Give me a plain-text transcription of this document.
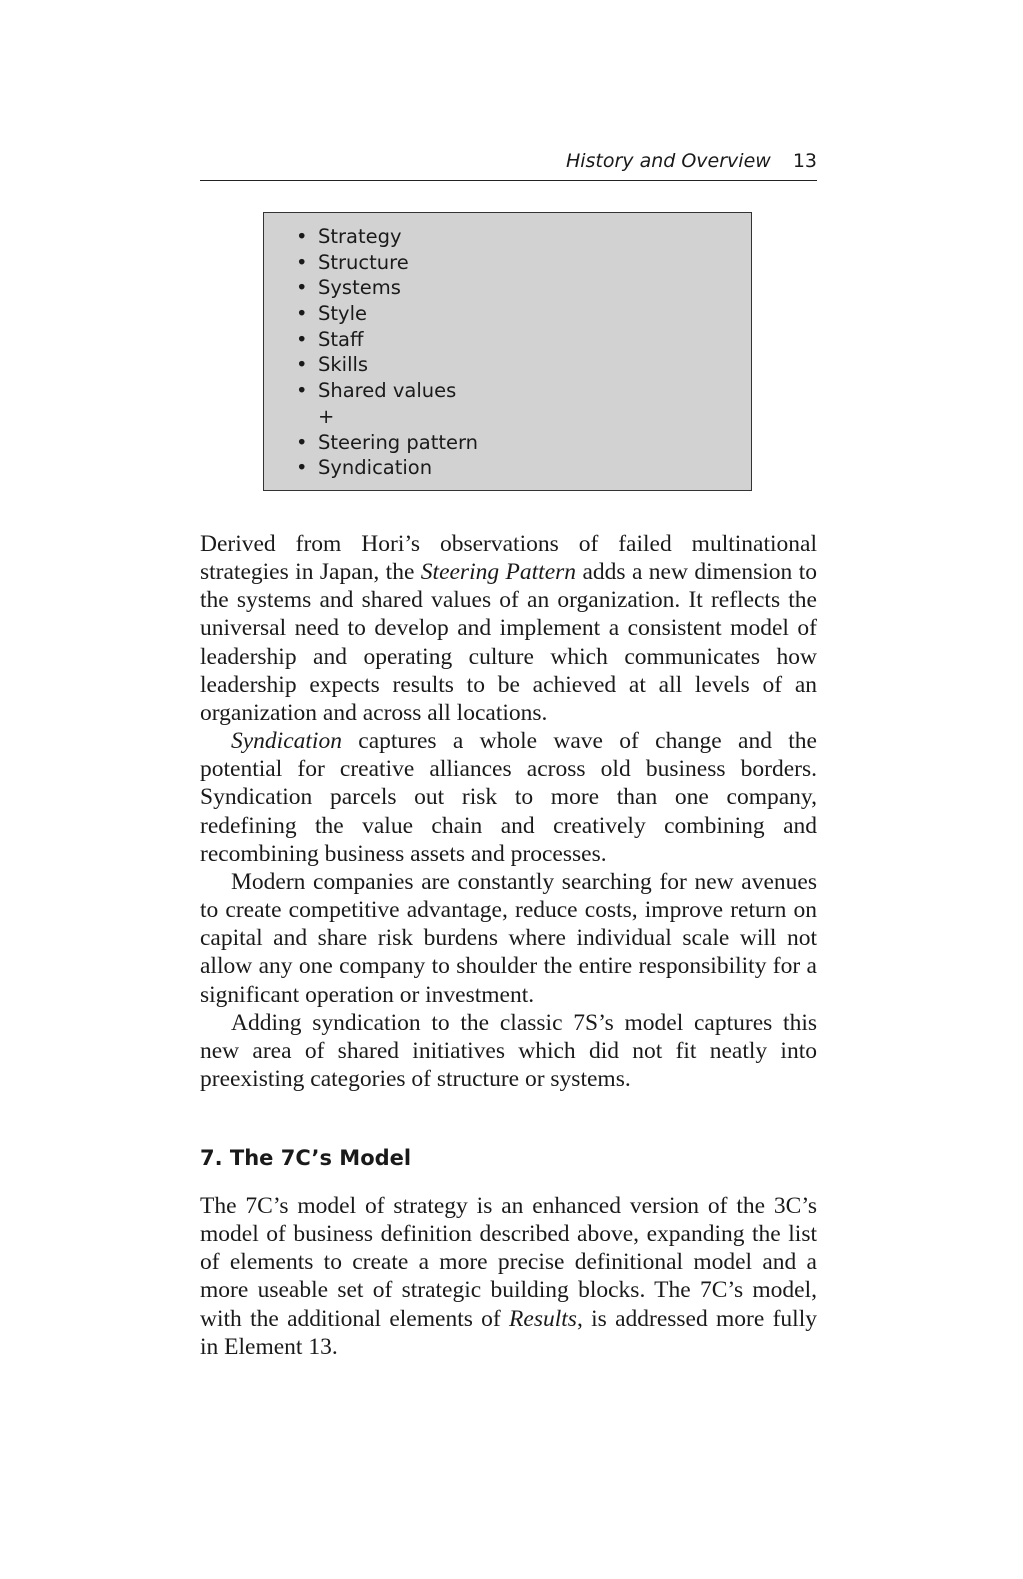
History and Overview 13
• Strategy
• Structure
• Systems
• Style
• Staff
• Skills
• Shared values
+
• Steering pattern
• Syndication

Derived from Hori’s observations of failed multinational strategies in Japan, the Steering Pattern adds a new dimension to the systems and shared values of an organization. It reflects the universal need to develop and implement a consistent model of leadership and operating culture which communicates how leadership expects results to be achieved at all levels of an organization and across all locations.

Syndication captures a whole wave of change and the potential for creative alliances across old business borders. Syndication parcels out risk to more than one company, redefining the value chain and creatively combining and recombining business assets and processes.

Modern companies are constantly searching for new avenues to create competitive advantage, reduce costs, improve return on capital and share risk burdens where individual scale will not allow any one company to shoulder the entire responsibility for a significant operation or investment.

Adding syndication to the classic 7S’s model captures this new area of shared initiatives which did not fit neatly into preexisting categories of structure or systems.

7. The 7C’s Model

The 7C’s model of strategy is an enhanced version of the 3C’s model of business definition described above, expanding the list of elements to create a more precise definitional model and a more useable set of strategic building blocks. The 7C’s model, with the additional elements of Results, is addressed more fully in Element 13.
